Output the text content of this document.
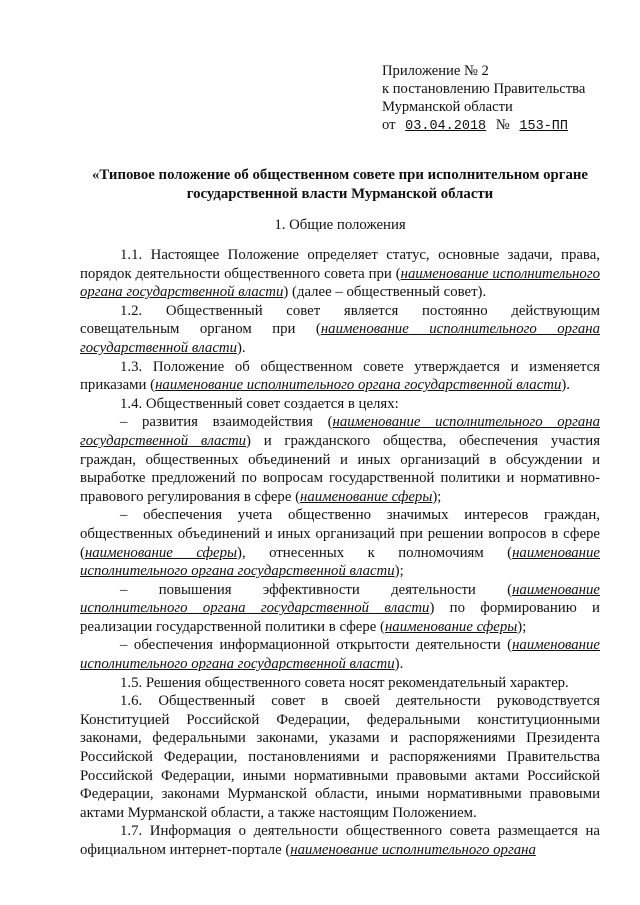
Приложение № 2
к постановлению Правительства
Мурманской области
от 03.04.2018 № 153-ПП
«Типовое положение об общественном совете при исполнительном органе государственной власти Мурманской области
1. Общие положения

1.1. Настоящее Положение определяет статус, основные задачи, права, порядок деятельности общественного совета при (наименование исполнительного органа государственной власти) (далее – общественный совет).

1.2. Общественный совет является постоянно действующим совещательным органом при (наименование исполнительного органа государственной власти).

1.3. Положение об общественном совете утверждается и изменяется приказами (наименование исполнительного органа государственной власти).

1.4. Общественный совет создается в целях:

– развития взаимодействия (наименование исполнительного органа государственной власти) и гражданского общества, обеспечения участия граждан, общественных объединений и иных организаций в обсуждении и выработке предложений по вопросам государственной политики и нормативно-правового регулирования в сфере (наименование сферы);

– обеспечения учета общественно значимых интересов граждан, общественных объединений и иных организаций при решении вопросов в сфере (наименование сферы), отнесенных к полномочиям (наименование исполнительного органа государственной власти);

– повышения эффективности деятельности (наименование исполнительного органа государственной власти) по формированию и реализации государственной политики в сфере (наименование сферы);

– обеспечения информационной открытости деятельности (наименование исполнительного органа государственной власти).

1.5. Решения общественного совета носят рекомендательный характер.

1.6. Общественный совет в своей деятельности руководствуется Конституцией Российской Федерации, федеральными конституционными законами, федеральными законами, указами и распоряжениями Президента Российской Федерации, постановлениями и распоряжениями Правительства Российской Федерации, иными нормативными правовыми актами Российской Федерации, законами Мурманской области, иными нормативными правовыми актами Мурманской области, а также настоящим Положением.

1.7. Информация о деятельности общественного совета размещается на официальном интернет-портале (наименование исполнительного органа
